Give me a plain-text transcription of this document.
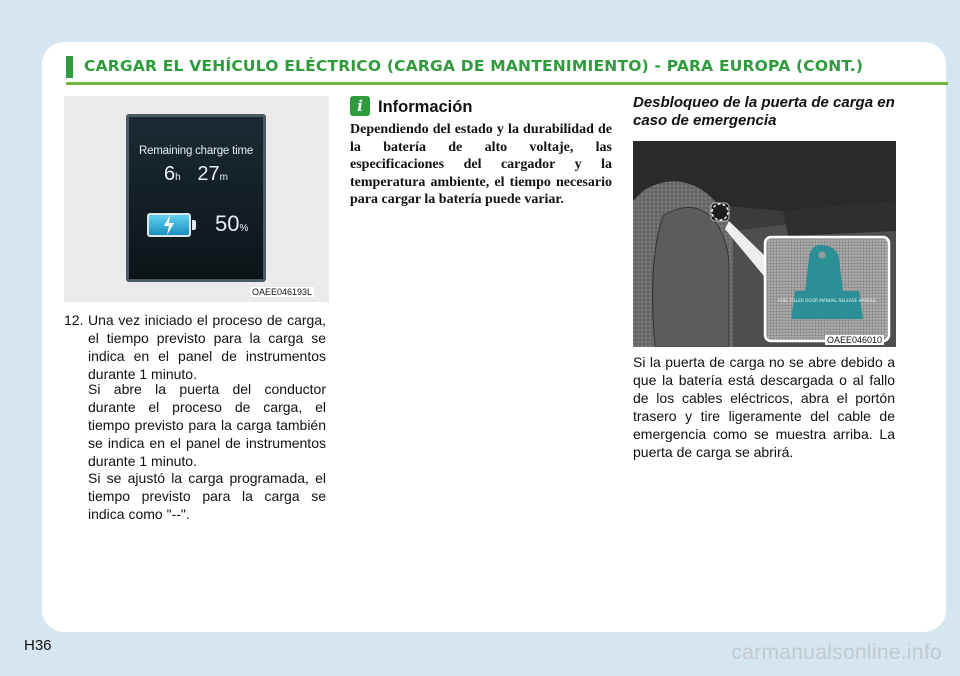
CARGAR EL VEHÍCULO ELÉCTRICO (CARGA DE MANTENIMIENTO) - PARA EUROPA (CONT.)
Remaining charge time
6h 27m
50%
OAEE046193L
12. Una vez iniciado el proceso de carga, el tiempo previsto para la carga se indica en el panel de instrumentos durante 1 minuto.
Si abre la puerta del conductor durante el proceso de carga, el tiempo previsto para la carga también se indica en el panel de instrumentos durante 1 minuto.
Si se ajustó la carga programada, el tiempo previsto para la carga se indica como "--".
i Información
Dependiendo del estado y la durabilidad de la batería de alto voltaje, las especificaciones del cargador y la temperatura ambiente, el tiempo necesario para cargar la batería puede variar.
Desbloqueo de la puerta de carga en caso de emergencia
FUEL FILLER DOOR MANUAL RELEASE HANDLE
OAEE046010
Si la puerta de carga no se abre debido a que la batería está descargada o al fallo de los cables eléctricos, abra el portón trasero y tire ligeramente del cable de emergencia como se muestra arriba. La puerta de carga se abrirá.
H36	carmanualsonline.info
